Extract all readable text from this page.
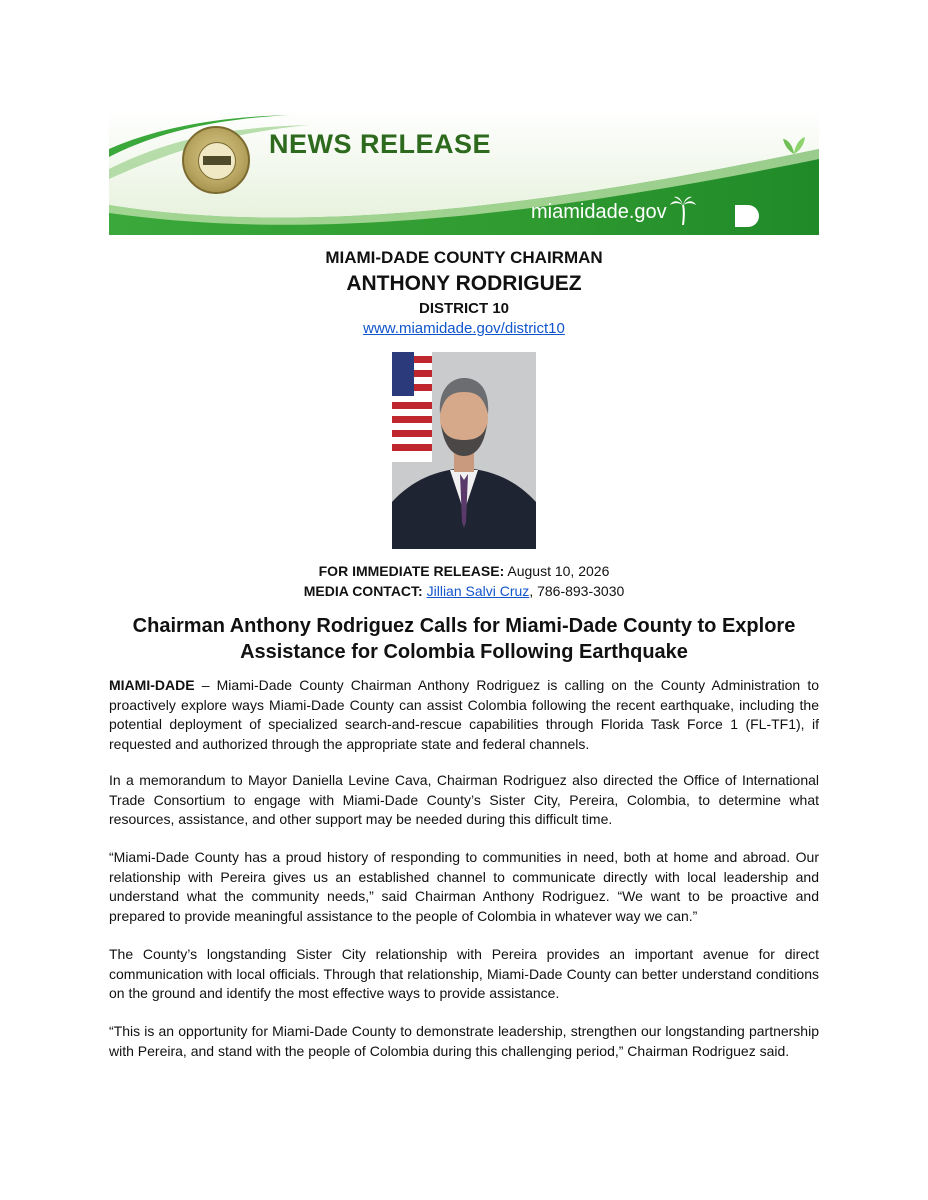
NEWS RELEASE
miamidade.gov
MIAMI-DADE COUNTY CHAIRMAN
ANTHONY RODRIGUEZ
DISTRICT 10
www.miamidade.gov/district10
FOR IMMEDIATE RELEASE: August 10, 2026
MEDIA CONTACT: Jillian Salvi Cruz, 786-893-3030
Chairman Anthony Rodriguez Calls for Miami-Dade County to Explore Assistance for Colombia Following Earthquake

MIAMI-DADE – Miami-Dade County Chairman Anthony Rodriguez is calling on the County Administration to proactively explore ways Miami-Dade County can assist Colombia following the recent earthquake, including the potential deployment of specialized search-and-rescue capabilities through Florida Task Force 1 (FL-TF1), if requested and authorized through the appropriate state and federal channels.

In a memorandum to Mayor Daniella Levine Cava, Chairman Rodriguez also directed the Office of International Trade Consortium to engage with Miami-Dade County’s Sister City, Pereira, Colombia, to determine what resources, assistance, and other support may be needed during this difficult time.

“Miami-Dade County has a proud history of responding to communities in need, both at home and abroad. Our relationship with Pereira gives us an established channel to communicate directly with local leadership and understand what the community needs,” said Chairman Anthony Rodriguez. “We want to be proactive and prepared to provide meaningful assistance to the people of Colombia in whatever way we can.”

The County’s longstanding Sister City relationship with Pereira provides an important avenue for direct communication with local officials. Through that relationship, Miami-Dade County can better understand conditions on the ground and identify the most effective ways to provide assistance.

“This is an opportunity for Miami-Dade County to demonstrate leadership, strengthen our longstanding partnership with Pereira, and stand with the people of Colombia during this challenging period,” Chairman Rodriguez said.
